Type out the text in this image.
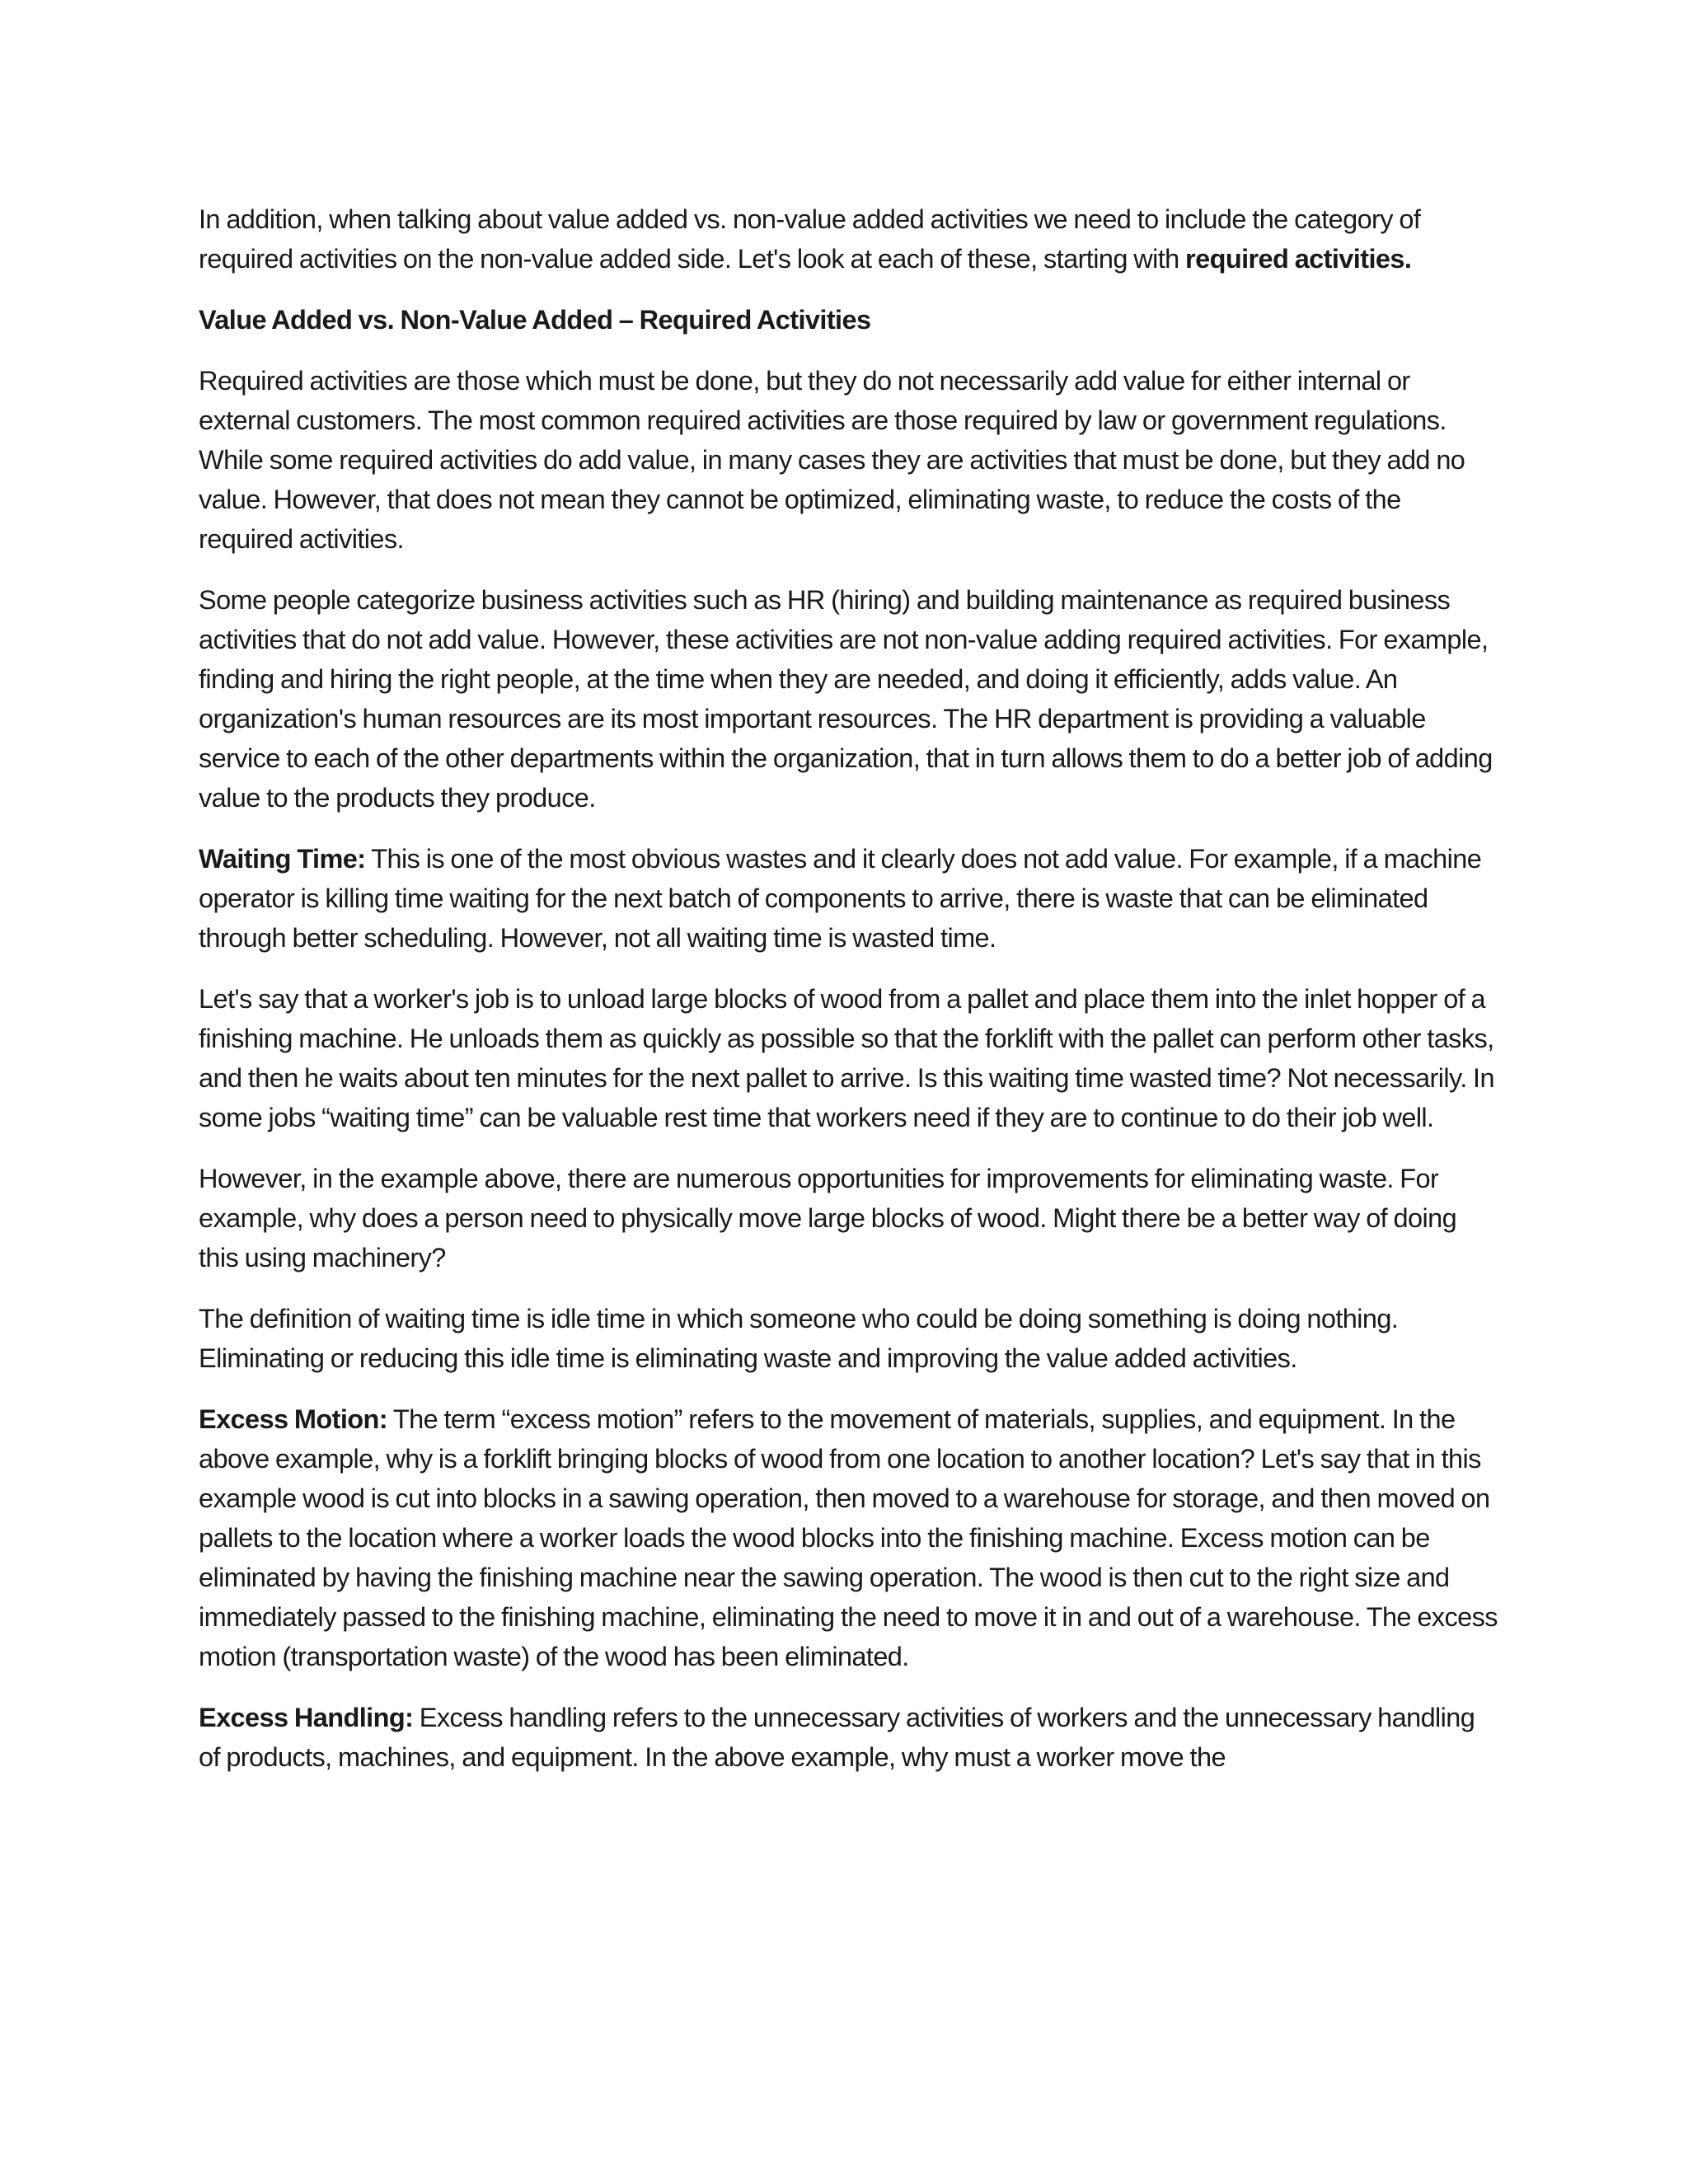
In addition, when talking about value added vs. non-value added activities we need to include the category of required activities on the non-value added side. Let's look at each of these, starting with required activities.

Value Added vs. Non-Value Added – Required Activities

Required activities are those which must be done, but they do not necessarily add value for either internal or external customers. The most common required activities are those required by law or government regulations. While some required activities do add value, in many cases they are activities that must be done, but they add no value. However, that does not mean they cannot be optimized, eliminating waste, to reduce the costs of the required activities.

Some people categorize business activities such as HR (hiring) and building maintenance as required business activities that do not add value. However, these activities are not non-value adding required activities. For example, finding and hiring the right people, at the time when they are needed, and doing it efficiently, adds value. An organization's human resources are its most important resources. The HR department is providing a valuable service to each of the other departments within the organization, that in turn allows them to do a better job of adding value to the products they produce.

Waiting Time: This is one of the most obvious wastes and it clearly does not add value. For example, if a machine operator is killing time waiting for the next batch of components to arrive, there is waste that can be eliminated through better scheduling. However, not all waiting time is wasted time.

Let's say that a worker's job is to unload large blocks of wood from a pallet and place them into the inlet hopper of a finishing machine. He unloads them as quickly as possible so that the forklift with the pallet can perform other tasks, and then he waits about ten minutes for the next pallet to arrive. Is this waiting time wasted time? Not necessarily. In some jobs “waiting time” can be valuable rest time that workers need if they are to continue to do their job well.

However, in the example above, there are numerous opportunities for improvements for eliminating waste. For example, why does a person need to physically move large blocks of wood. Might there be a better way of doing this using machinery?

The definition of waiting time is idle time in which someone who could be doing something is doing nothing. Eliminating or reducing this idle time is eliminating waste and improving the value added activities.

Excess Motion: The term “excess motion” refers to the movement of materials, supplies, and equipment. In the above example, why is a forklift bringing blocks of wood from one location to another location? Let's say that in this example wood is cut into blocks in a sawing operation, then moved to a warehouse for storage, and then moved on pallets to the location where a worker loads the wood blocks into the finishing machine. Excess motion can be eliminated by having the finishing machine near the sawing operation. The wood is then cut to the right size and immediately passed to the finishing machine, eliminating the need to move it in and out of a warehouse. The excess motion (transportation waste) of the wood has been eliminated.

Excess Handling: Excess handling refers to the unnecessary activities of workers and the unnecessary handling of products, machines, and equipment. In the above example, why must a worker move the
